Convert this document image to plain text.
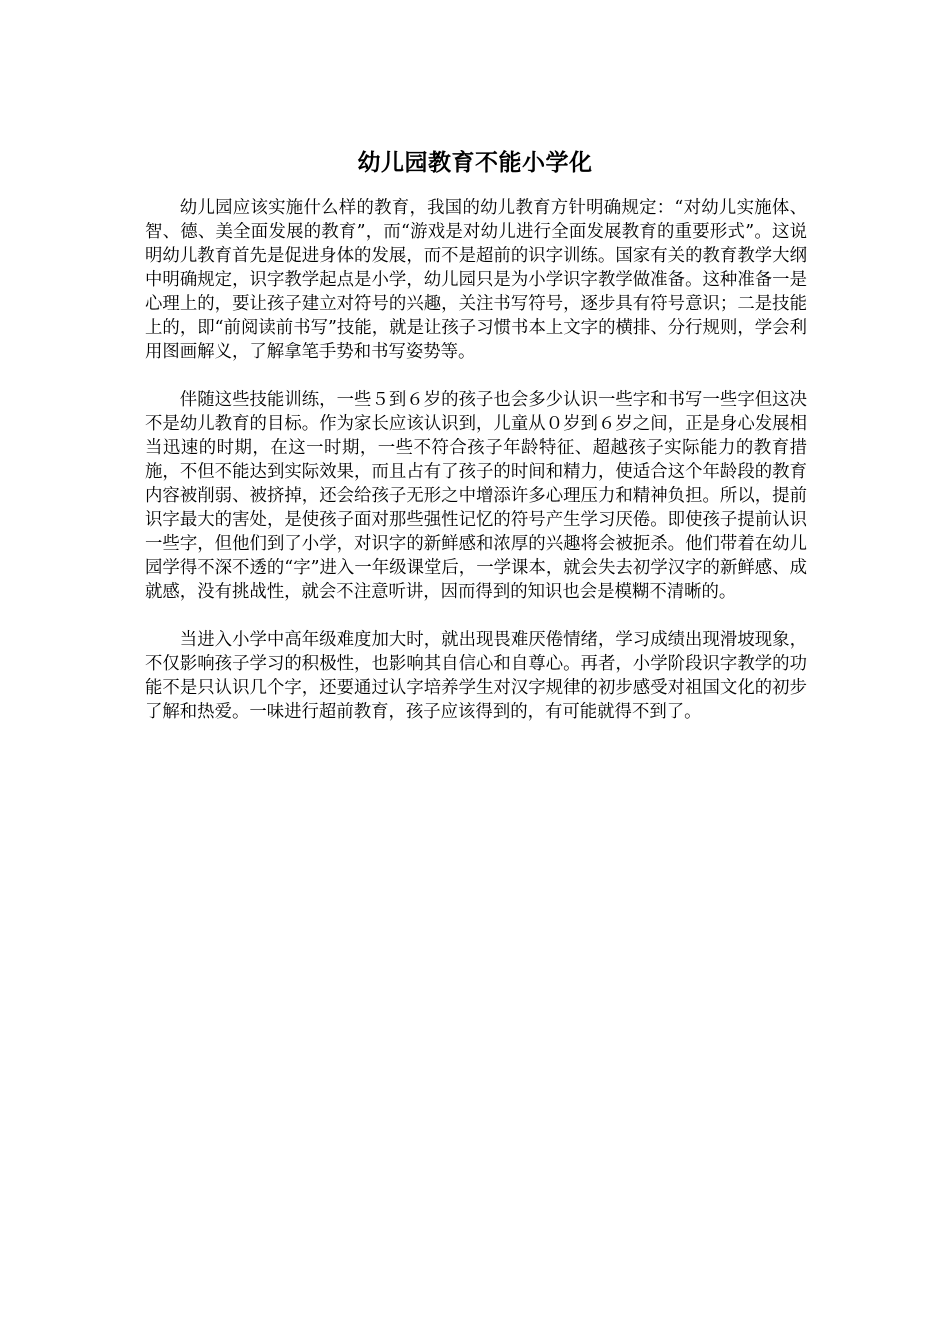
幼儿园教育不能小学化

幼儿园应该实施什么样的教育，我国的幼儿教育方针明确规定：“对幼儿实施体、智、德、美全面发展的教育”，而“游戏是对幼儿进行全面发展教育的重要形式”。这说明幼儿教育首先是促进身体的发展，而不是超前的识字训练。国家有关的教育教学大纲中明确规定，识字教学起点是小学，幼儿园只是为小学识字教学做准备。这种准备一是心理上的，要让孩子建立对符号的兴趣，关注书写符号，逐步具有符号意识；二是技能上的，即“前阅读前书写”技能，就是让孩子习惯书本上文字的横排、分行规则，学会利用图画解义，了解拿笔手势和书写姿势等。

伴随这些技能训练，一些５到６岁的孩子也会多少认识一些字和书写一些字但这决不是幼儿教育的目标。作为家长应该认识到，儿童从０岁到６岁之间，正是身心发展相当迅速的时期，在这一时期，一些不符合孩子年龄特征、超越孩子实际能力的教育措施，不但不能达到实际效果，而且占有了孩子的时间和精力，使适合这个年龄段的教育内容被削弱、被挤掉，还会给孩子无形之中增添许多心理压力和精神负担。所以，提前识字最大的害处，是使孩子面对那些强性记忆的符号产生学习厌倦。即使孩子提前认识一些字，但他们到了小学，对识字的新鲜感和浓厚的兴趣将会被扼杀。他们带着在幼儿园学得不深不透的“字”进入一年级课堂后，一学课本，就会失去初学汉字的新鲜感、成就感，没有挑战性，就会不注意听讲，因而得到的知识也会是模糊不清晰的。

当进入小学中高年级难度加大时，就出现畏难厌倦情绪，学习成绩出现滑坡现象，不仅影响孩子学习的积极性，也影响其自信心和自尊心。再者，小学阶段识字教学的功能不是只认识几个字，还要通过认字培养学生对汉字规律的初步感受对祖国文化的初步了解和热爱。一味进行超前教育，孩子应该得到的，有可能就得不到了。
